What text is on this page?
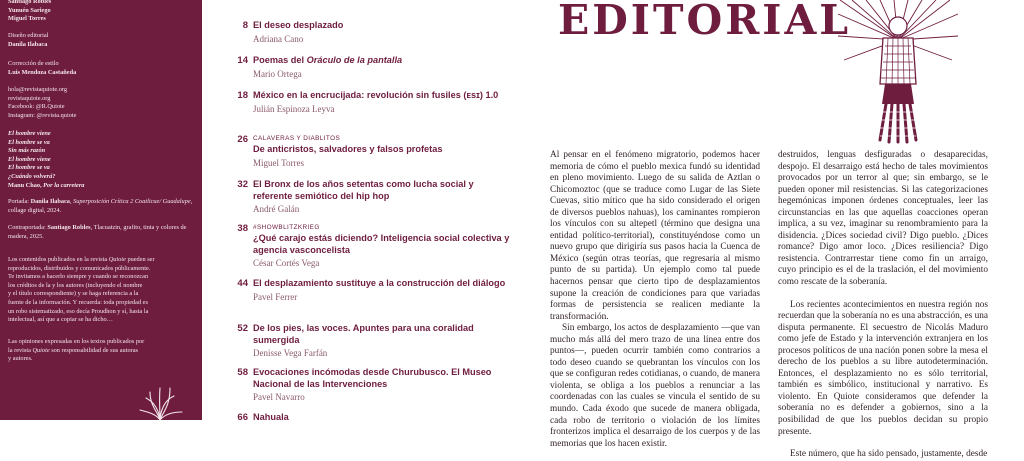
Santiago Robles
Yunuén Sariego
Miguel Torres
Diseño editorial
Danila Ilabaca
Corrección de estilo
Luis Mendoza Castañeda
hola@revistaquiote.org
revistaquiote.org
Facebook: @R.Quiote
Instagram: @revista.quiote
El hombre viene
El hombre se va
Sin más razón
El hombre viene
El hombre se va
¿Cuándo volverá?
Manu Chao, Por la carretera
Portada: Danila Ilabaca, Superposición Crítica 2 Coatlicue/ Guadalupe, collage digital, 2024.
Contraportada: Santiago Robles, Tlacuatzin, grafito, tinta y colores de madera, 2025.
Los contenidos publicados en la revista Quiote pueden ser
reproducidos, distribuidos y comunicados públicamente.
Te invitamos a hacerlo siempre y cuando se reconozcan
los créditos de la y los autores (incluyendo el nombre
y el título correspondiente) y se haga referencia a la
fuente de la información. Y recuerda: toda propiedad es
un robo sistematizado, eso decía Proudhon y sí, hasta la
intelectual, así que a copiar se ha dicho…
Las opiniones expresadas en los textos publicados por
la revista Quiote son responsabilidad de sus autoras
y autores.
8 El deseo desplazado
Adriana Cano
14 Poemas del Oráculo de la pantalla
Mario Ortega
18 México en la encrucijada: revolución sin fusiles (ᴇsɪ) 1.0
Julián Espinoza Leyva
26 CALAVERAS Y DIABLITOS
De anticristos, salvadores y falsos profetas
Miguel Torres
32 El Bronx de los años setentas como lucha social y referente semiótico del hip hop
André Galán
38 #SHOWBLITZKRIEG
¿Qué carajo estás diciendo? Inteligencia social colectiva y agencia vasconcelista
César Cortés Vega
44 El desplazamiento sustituye a la construcción del diálogo
Pavel Ferrer
52 De los pies, las voces. Apuntes para una coralidad sumergida
Denisse Vega Farfán
58 Evocaciones incómodas desde Churubusco. El Museo Nacional de las Intervenciones
Pavel Navarro
66 Nahuala
EDITORIAL

Al pensar en el fenómeno migratorio, podemos hacer memoria de cómo el pueblo mexica fundó su identidad en pleno movimiento. Luego de su salida de Aztlan o Chicomoztoc (que se traduce como Lugar de las Siete Cuevas, sitio mítico que ha sido considerado el origen de diversos pueblos nahuas), los caminantes rompieron los vínculos con su altepetl (término que designa una entidad político-territorial), constituyéndose como un nuevo grupo que dirigiría sus pasos hacia la Cuenca de México (según otras teorías, que regresaría al mismo punto de su partida). Un ejemplo como tal puede hacernos pensar que cierto tipo de desplazamientos supone la creación de condiciones para que variadas formas de persistencia se realicen mediante la transformación.

Sin embargo, los actos de desplazamiento —que van mucho más allá del mero trazo de una línea entre dos puntos—, pueden ocurrir también como contrarios a todo deseo cuando se quebrantan los vínculos con los que se configuran redes cotidianas, o cuando, de manera violenta, se obliga a los pueblos a renunciar a las coordenadas con las cuales se vincula el sentido de su mundo. Cada éxodo que sucede de manera obligada, cada robo de territorio o violación de los límites fronterizos implica el desarraigo de los cuerpos y de las memorias que los hacen existir.

destruidos, lenguas desfiguradas o desaparecidas, despojo. El desarraigo está hecho de tales movimientos provocados por un terror al que; sin embargo, se le pueden oponer mil resistencias. Si las categorizaciones hegemónicas imponen órdenes conceptuales, leer las circunstancias en las que aquellas coacciones operan implica, a su vez, imaginar su renombramiento para la disidencia. ¿Dices sociedad civil? Digo pueblo. ¿Dices romance? Digo amor loco. ¿Dices resiliencia? Digo resistencia. Contrarrestar tiene como fin un arraigo, cuyo principio es el de la traslación, el del movimiento como rescate de la soberanía.

Los recientes acontecimientos en nuestra región nos recuerdan que la soberanía no es una abstracción, es una disputa permanente. El secuestro de Nicolás Maduro como jefe de Estado y la intervención extranjera en los procesos políticos de una nación ponen sobre la mesa el derecho de los pueblos a su libre autodeterminación. Entonces, el desplazamiento no es sólo territorial, también es simbólico, institucional y narrativo. Es violento. En Quiote consideramos que defender la soberanía no es defender a gobiernos, sino a la posibilidad de que los pueblos decidan su propio presente.

Este número, que ha sido pensado, justamente, desde
